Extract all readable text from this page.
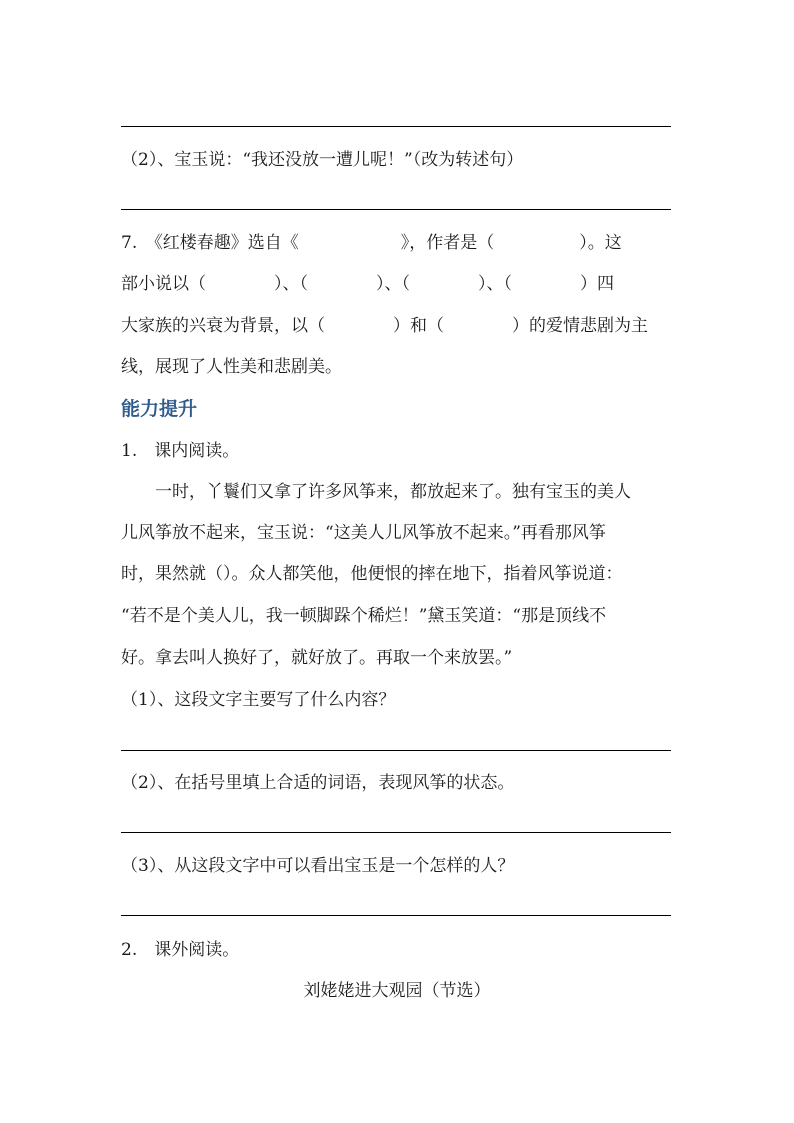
（2）、宝玉说：“我还没放一遭儿呢！”（改为转述句）
7.　《红楼春趣》选自《　　　　　　》，作者是（　　　　　）。这
部小说以（　　　　）、（　　　　）、（　　　　）、（　　　　）四
大家族的兴衰为背景，以（　　　　）和（　　　　）的爱情悲剧为主
线，展现了人性美和悲剧美。
能力提升
1.　课内阅读。
一时，丫鬟们又拿了许多风筝来，都放起来了。独有宝玉的美人
儿风筝放不起来，宝玉说：“这美人儿风筝放不起来。”再看那风筝
时，果然就（）。众人都笑他，他便恨的摔在地下，指着风筝说道：
“若不是个美人儿，我一顿脚跺个稀烂！”黛玉笑道：“那是顶线不
好。拿去叫人换好了，就好放了。再取一个来放罢。”
（1）、这段文字主要写了什么内容？
（2）、在括号里填上合适的词语，表现风筝的状态。
（3）、从这段文字中可以看出宝玉是一个怎样的人？
2.　课外阅读。
刘姥姥进大观园（节选）
